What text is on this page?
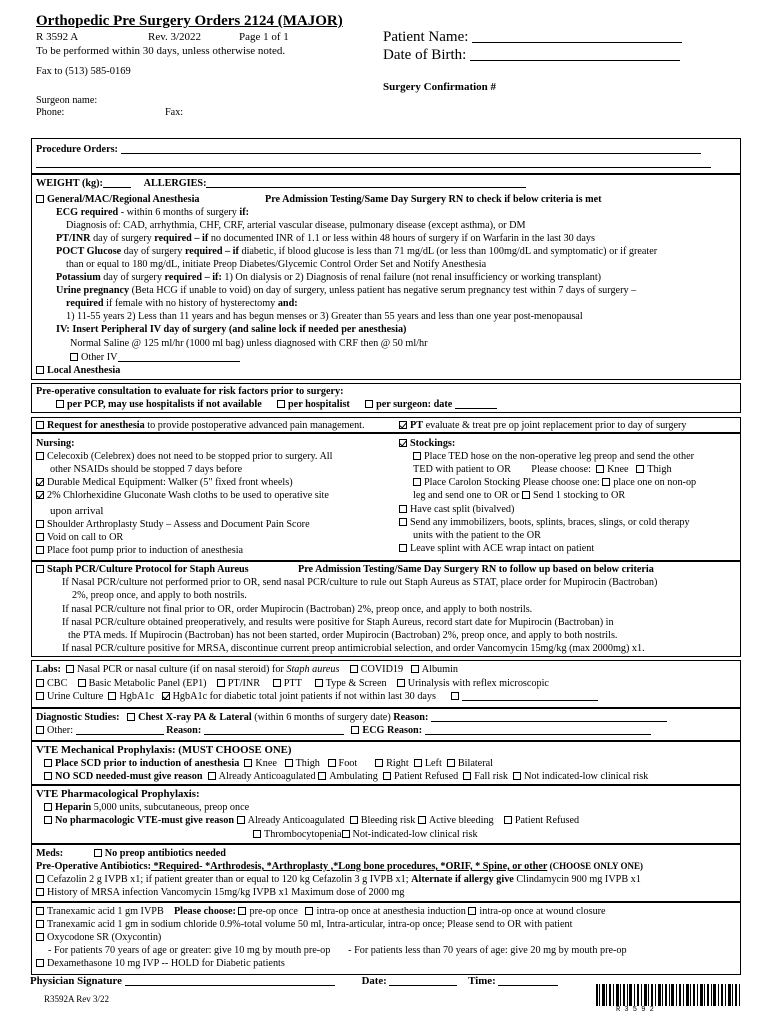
Orthopedic Pre Surgery Orders 2124 (MAJOR)
R 3592 A	Rev. 3/2022	Page 1 of 1
To be performed within 30 days, unless otherwise noted.
Fax to (513) 585-0169
Patient Name:
Date of Birth:
Surgery Confirmation #
Surgeon name:
Phone:	Fax:
Procedure Orders:
WEIGHT (kg):	ALLERGIES:
General/MAC/Regional Anesthesia	Pre Admission Testing/Same Day Surgery RN to check if below criteria is met
ECG required - within 6 months of surgery if:
Diagnosis of: CAD, arrhythmia, CHF, CRF, arterial vascular disease, pulmonary disease (except asthma), or DM
PT/INR day of surgery required – if no documented INR of 1.1 or less within 48 hours of surgery if on Warfarin in the last 30 days
POCT Glucose day of surgery required – if diabetic, if blood glucose is less than 71 mg/dL (or less than 100mg/dL and symptomatic) or if greater
than or equal to 180 mg/dL, initiate Preop Diabetes/Glycemic Control Order Set and Notify Anesthesia
Potassium day of surgery required – if: 1) On dialysis or 2) Diagnosis of renal failure (not renal insufficiency or working transplant)
Urine pregnancy (Beta HCG if unable to void) on day of surgery, unless patient has negative serum pregnancy test within 7 days of surgery –
required if female with no history of hysterectomy and:
1) 11-55 years 2) Less than 11 years and has begun menses or 3) Greater than 55 years and less than one year post-menopausal
IV: Insert Peripheral IV day of surgery (and saline lock if needed per anesthesia)
Normal Saline @ 125 ml/hr (1000 ml bag) unless diagnosed with CRF then @ 50 ml/hr
Other IV
Local Anesthesia
Pre-operative consultation to evaluate for risk factors prior to surgery:
per PCP, may use hospitalists if not available	per hospitalist	per surgeon: date
Request for anesthesia to provide postoperative advanced pain management.	PT evaluate & treat pre op joint replacement prior to day of surgery
Nursing:
Celecoxib (Celebrex) does not need to be stopped prior to surgery. All
other NSAIDs should be stopped 7 days before
Durable Medical Equipment: Walker (5" fixed front wheels)
2% Chlorhexidine Gluconate Wash cloths to be used to operative site
upon arrival
Shoulder Arthroplasty Study – Assess and Document Pain Score
Void on call to OR
Place foot pump prior to induction of anesthesia
Stockings:
Place TED hose on the non-operative leg preop and send the other
TED with patient to OR Please choose: Knee Thigh
Place Carolon Stocking Please choose one: place one on non-op
leg and send one to OR or Send 1 stocking to OR
Have cast split (bivalved)
Send any immobilizers, boots, splints, braces, slings, or cold therapy
units with the patient to the OR
Leave splint with ACE wrap intact on patient
Staph PCR/Culture Protocol for Staph Aureus	Pre Admission Testing/Same Day Surgery RN to follow up based on below criteria
If Nasal PCR/culture not performed prior to OR, send nasal PCR/culture to rule out Staph Aureus as STAT, place order for Mupirocin (Bactroban)
2%, preop once, and apply to both nostrils.
If nasal PCR/culture not final prior to OR, order Mupirocin (Bactroban) 2%, preop once, and apply to both nostrils.
If nasal PCR/culture obtained preoperatively, and results were positive for Staph Aureus, record start date for Mupirocin (Bactroban) in
the PTA meds. If Mupirocin (Bactroban) has not been started, order Mupirocin (Bactroban) 2%, preop once, and apply to both nostrils.
If nasal PCR/culture positive for MRSA, discontinue current preop antimicrobial selection, and order Vancomycin 15mg/kg (max 2000mg) x1.
Labs: Nasal PCR or nasal culture (if on nasal steroid) for Staph aureus COVID19 Albumin
CBC Basic Metabolic Panel (EP1) PT/INR PTT Type & Screen Urinalysis with reflex microscopic
Urine Culture HgbA1c HgbA1c for diabetic total joint patients if not within last 30 days
Diagnostic Studies: Chest X-ray PA & Lateral (within 6 months of surgery date) Reason:
Other:	Reason:	ECG Reason:
VTE Mechanical Prophylaxis: (MUST CHOOSE ONE)
Place SCD prior to induction of anesthesia Knee Thigh Foot	Right Left Bilateral
NO SCD needed-must give reason Already Anticoagulated Ambulating Patient Refused Fall risk Not indicated-low clinical risk
VTE Pharmacological Prophylaxis:
Heparin 5,000 units, subcutaneous, preop once
No pharmacologic VTE-must give reason Already Anticoagulated Bleeding risk Active bleeding Patient Refused
Thrombocytopenia Not-indicated-low clinical risk
Meds:	No preop antibiotics needed
Pre-Operative Antibiotics: *Required- *Arthrodesis, *Arthroplasty ,*Long bone procedures, *ORIF, * Spine, or other (CHOOSE ONLY ONE)
Cefazolin 2 g IVPB x1; if patient greater than or equal to 120 kg Cefazolin 3 g IVPB x1; Alternate if allergy give Clindamycin 900 mg IVPB x1
History of MRSA infection Vancomycin 15mg/kg IVPB x1 Maximum dose of 2000 mg
Tranexamic acid 1 gm IVPB Please choose: pre-op once intra-op once at anesthesia induction intra-op once at wound closure
Tranexamic acid 1 gm in sodium chloride 0.9%-total volume 50 ml, Intra-articular, intra-op once; Please send to OR with patient
Oxycodone SR (Oxycontin)
- For patients 70 years of age or greater: give 10 mg by mouth pre-op - For patients less than 70 years of age: give 20 mg by mouth pre-op
Dexamethasone 10 mg IVP -- HOLD for Diabetic patients
Physician Signature	Date:	Time:
R3592A Rev 3/22
R 3 5 9 2
